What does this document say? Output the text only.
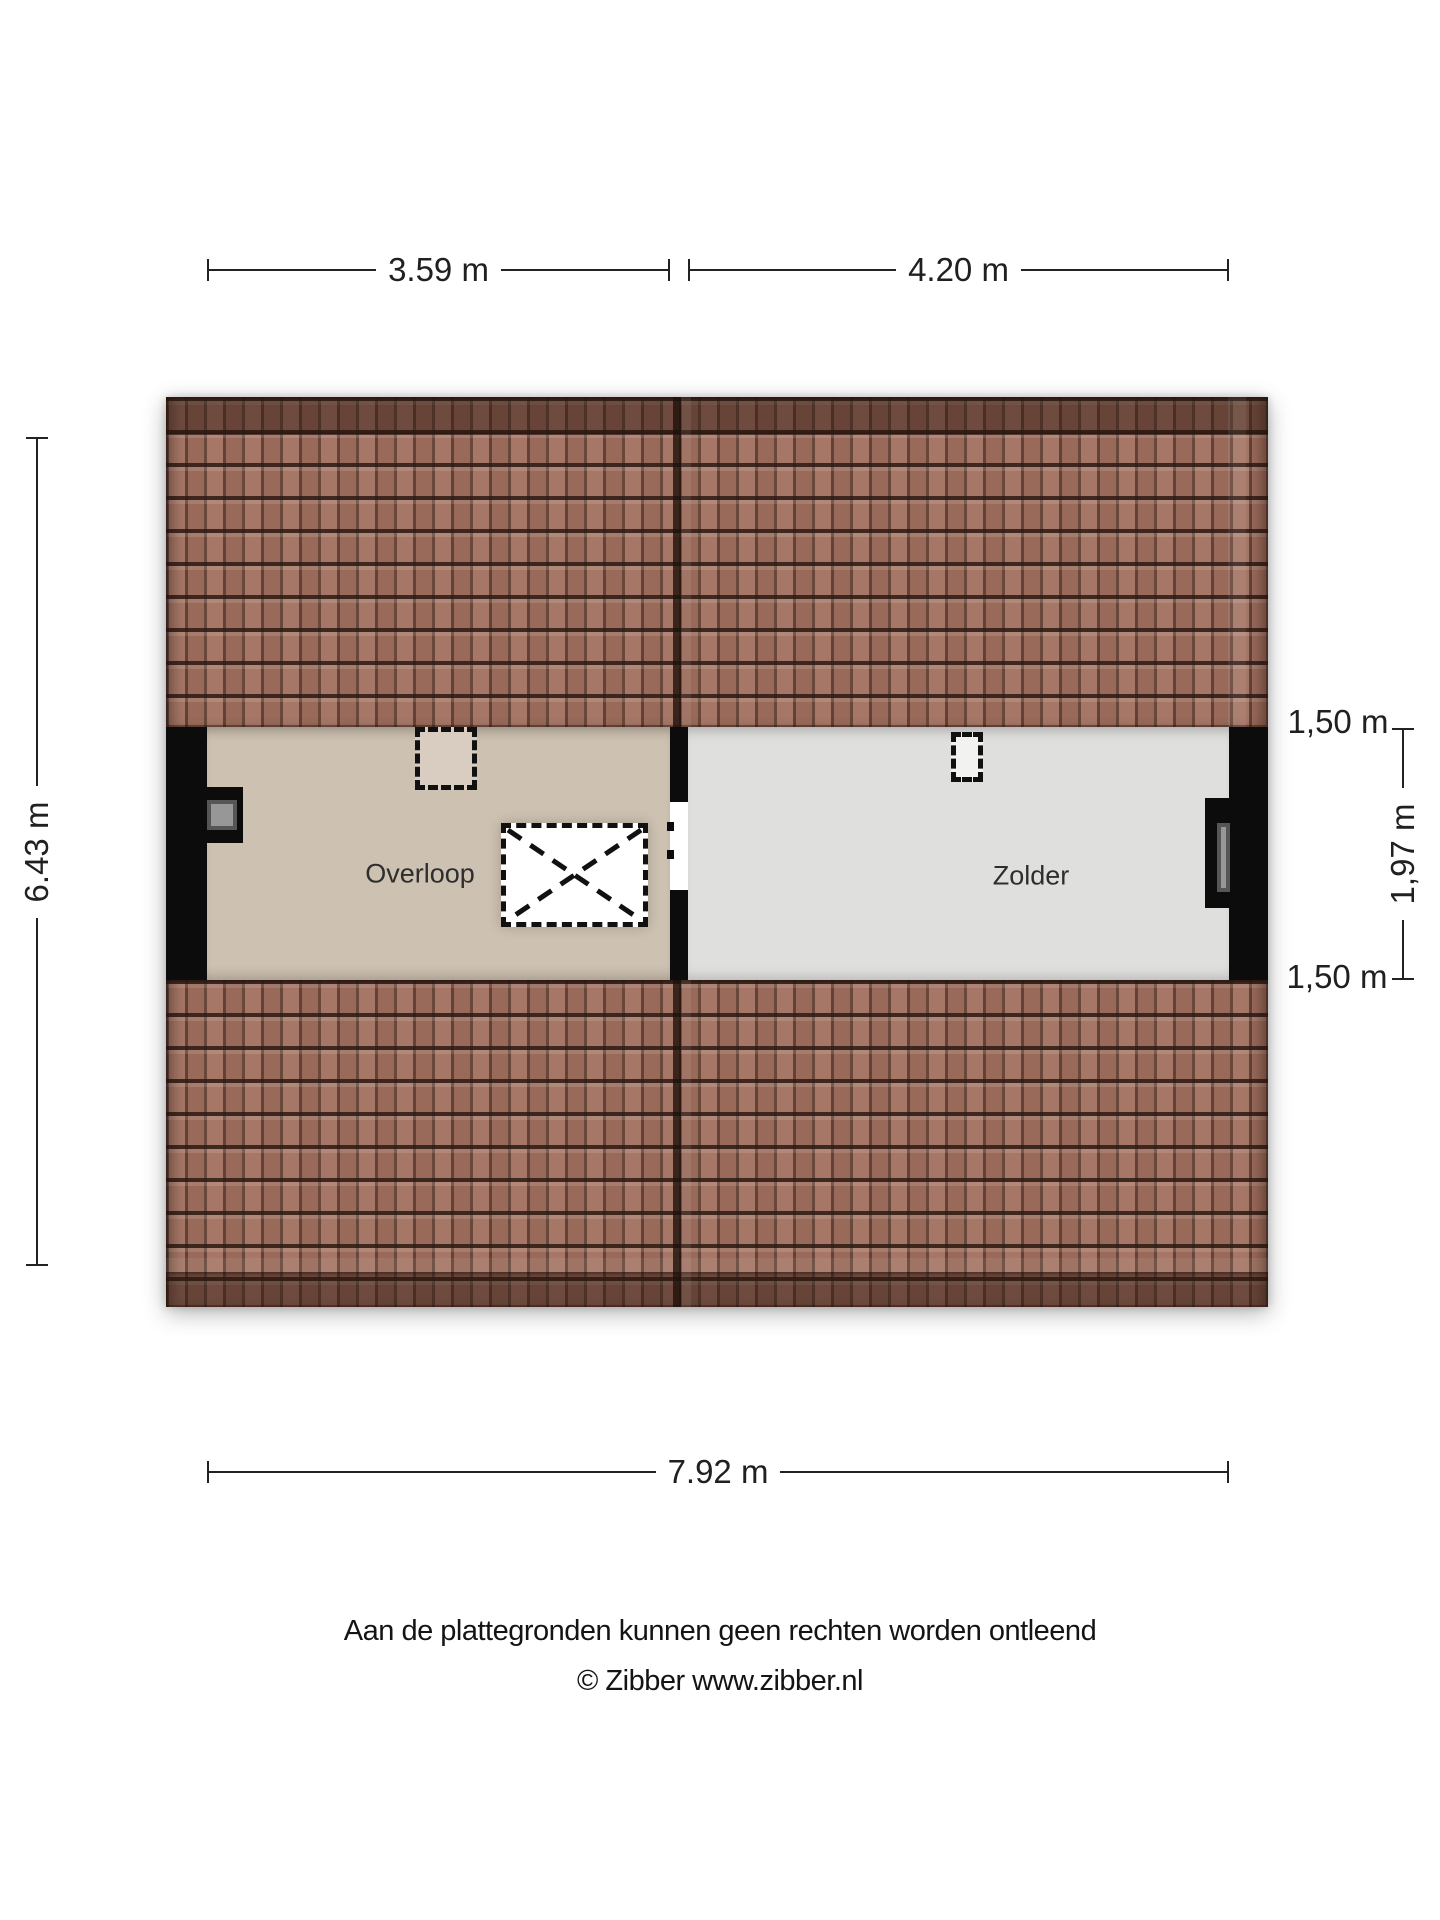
3.59 m	4.20 m
6.43 m	Overloop	Zolder
1,50 m
1,97 m
1,50 m
7.92 m
Aan de plattegronden kunnen geen rechten worden ontleend
© Zibber www.zibber.nl
